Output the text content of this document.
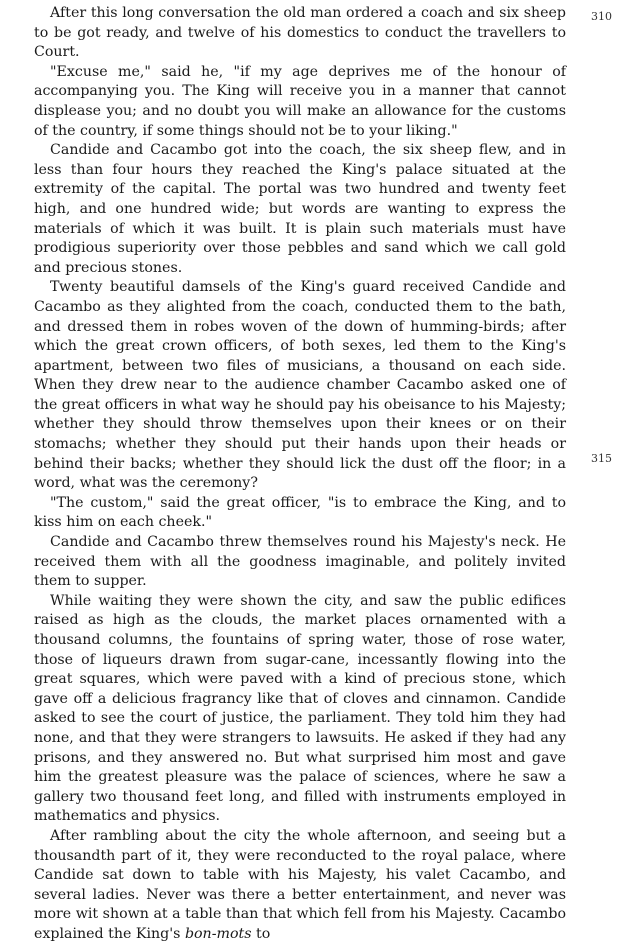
310
315

After this long conversation the old man ordered a coach and six sheep to be got ready, and twelve of his domestics to conduct the travellers to Court.

"Excuse me," said he, "if my age deprives me of the honour of accompanying you. The King will receive you in a manner that cannot displease you; and no doubt you will make an allowance for the customs of the country, if some things should not be to your liking."

Candide and Cacambo got into the coach, the six sheep flew, and in less than four hours they reached the King's palace situated at the extremity of the capital. The portal was two hundred and twenty feet high, and one hundred wide; but words are wanting to express the materials of which it was built. It is plain such materials must have prodigious superiority over those pebbles and sand which we call gold and precious stones.

Twenty beautiful damsels of the King's guard received Candide and Cacambo as they alighted from the coach, conducted them to the bath, and dressed them in robes woven of the down of humming-birds; after which the great crown officers, of both sexes, led them to the King's apartment, between two files of musicians, a thousand on each side. When they drew near to the audience chamber Cacambo asked one of the great officers in what way he should pay his obeisance to his Majesty; whether they should throw themselves upon their knees or on their stomachs; whether they should put their hands upon their heads or behind their backs; whether they should lick the dust off the floor; in a word, what was the ceremony?

"The custom," said the great officer, "is to embrace the King, and to kiss him on each cheek."

Candide and Cacambo threw themselves round his Majesty's neck. He received them with all the goodness imaginable, and politely invited them to supper.

While waiting they were shown the city, and saw the public edifices raised as high as the clouds, the market places ornamented with a thousand columns, the fountains of spring water, those of rose water, those of liqueurs drawn from sugar-cane, incessantly flowing into the great squares, which were paved with a kind of precious stone, which gave off a delicious fragrancy like that of cloves and cinnamon. Candide asked to see the court of justice, the parliament. They told him they had none, and that they were strangers to lawsuits. He asked if they had any prisons, and they answered no. But what surprised him most and gave him the greatest pleasure was the palace of sciences, where he saw a gallery two thousand feet long, and filled with instruments employed in mathematics and physics.

After rambling about the city the whole afternoon, and seeing but a thousandth part of it, they were reconducted to the royal palace, where Candide sat down to table with his Majesty, his valet Cacambo, and several ladies. Never was there a better entertainment, and never was more wit shown at a table than that which fell from his Majesty. Cacambo explained the King's bon-mots to
